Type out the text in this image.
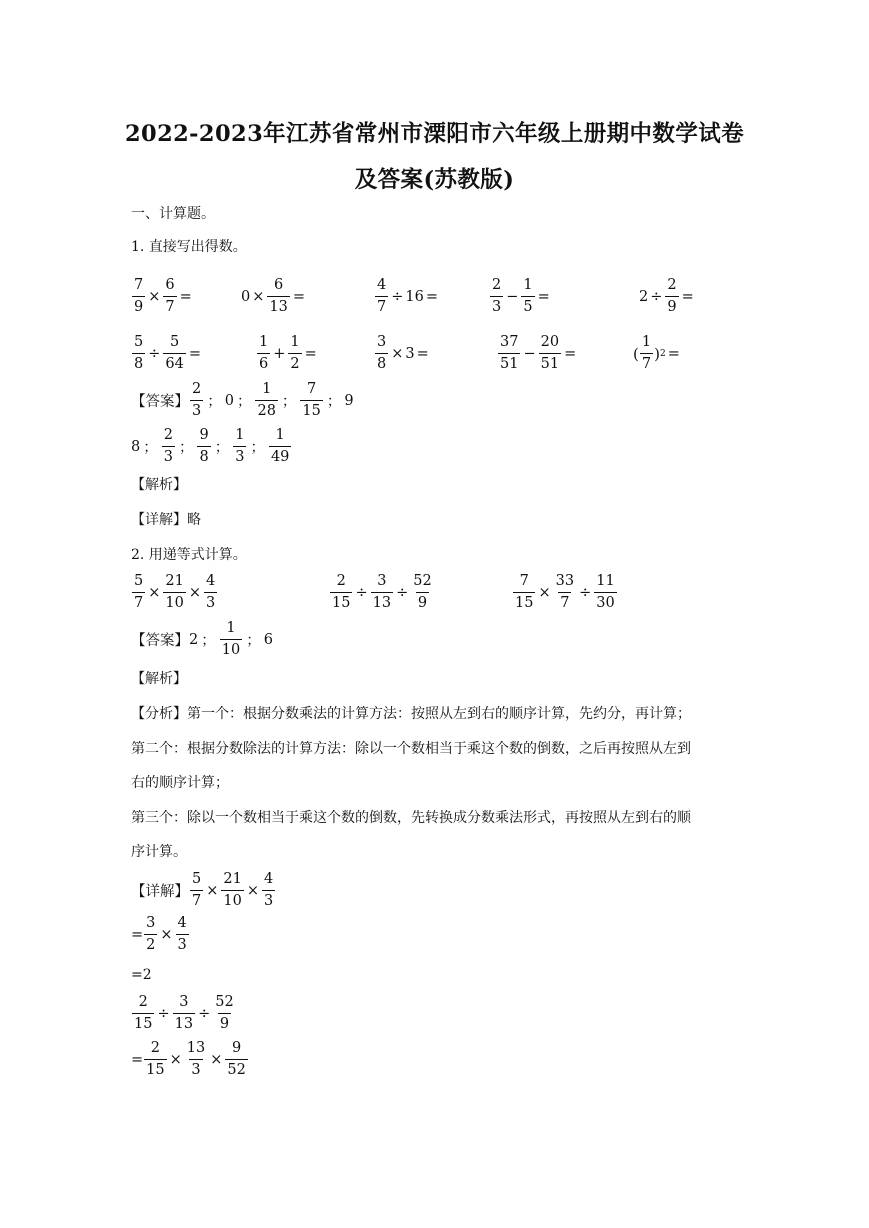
2022-2023年江苏省常州市溧阳市六年级上册期中数学试卷
及答案(苏教版)
一、计算题。
1. 直接写出得数。
$\frac{7}{9} \times \frac{6}{7}$ =	$0 \times \frac{6}{13}$ =	$\frac{4}{7} \div 16$ =	$\frac{2}{3} - \frac{1}{5}$ =	$2 \div \frac{2}{9}$ =
$\frac{5}{8} \div \frac{5}{64}$ =	$\frac{1}{6} + \frac{1}{2}$ =	$\frac{3}{8} \times 3$ =	$\frac{37}{51} - \frac{20}{51}$ =	( $\frac{1}{7}$ ) 2 =
【答案】 $\frac{2}{3}$ ； 0 ； $\frac{1}{28}$ ； $\frac{7}{15}$ ； 9
8 ； $\frac{2}{3}$ ； $\frac{9}{8}$ ； $\frac{1}{3}$ ； $\frac{1}{49}$
【解析】
【详解】略
2. 用递等式计算。
$\frac{5}{7} \times \frac{21}{10} \times \frac{4}{3}$	$\frac{2}{15} \div \frac{3}{13} \div \frac{52}{9}$	$\frac{7}{15} \times \frac{33}{7} \div \frac{11}{30}$
【答案】 2 ； $\frac{1}{10}$ ； 6
【解析】
【分析】第一个：根据分数乘法的计算方法：按照从左到右的顺序计算，先约分，再计算；
第二个：根据分数除法的计算方法：除以一个数相当于乘这个数的倒数，之后再按照从左到
右的顺序计算；
第三个：除以一个数相当于乘这个数的倒数，先转换成分数乘法形式，再按照从左到右的顺
序计算。
【详解】 $\frac{5}{7} \times \frac{21}{10} \times \frac{4}{3}$
= $\frac{3}{2} \times \frac{4}{3}$
=2
$\frac{2}{15} \div \frac{3}{13} \div \frac{52}{9}$
= $\frac{2}{15} \times \frac{13}{3} \times \frac{9}{52}$
